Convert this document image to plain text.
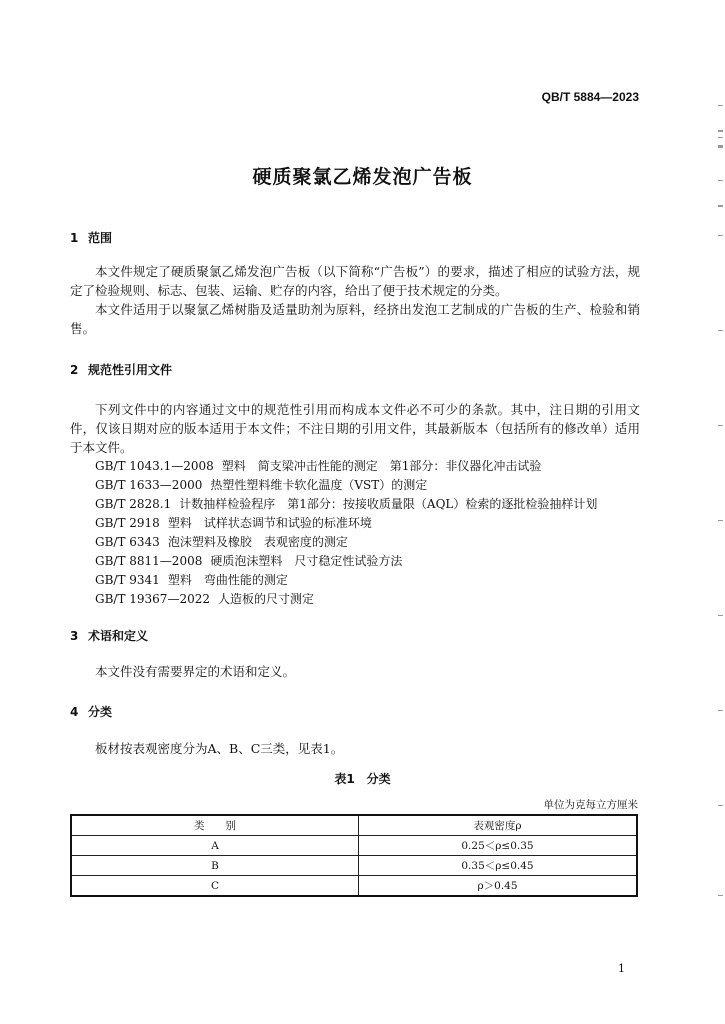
QB/T 5884—2023
硬质聚氯乙烯发泡广告板
1 范围
本文件规定了硬质聚氯乙烯发泡广告板（以下简称“广告板”）的要求，描述了相应的试验方法，规定了检验规则、标志、包装、运输、贮存的内容，给出了便于技术规定的分类。
本文件适用于以聚氯乙烯树脂及适量助剂为原料，经挤出发泡工艺制成的广告板的生产、检验和销售。
2 规范性引用文件
下列文件中的内容通过文中的规范性引用而构成本文件必不可少的条款。其中，注日期的引用文件，仅该日期对应的版本适用于本文件；不注日期的引用文件，其最新版本（包括所有的修改单）适用于本文件。
GB/T 1043.1—2008 塑料　简支梁冲击性能的测定　第1部分：非仪器化冲击试验
GB/T 1633—2000 热塑性塑料维卡软化温度（VST）的测定
GB/T 2828.1 计数抽样检验程序　第1部分：按接收质量限（AQL）检索的逐批检验抽样计划
GB/T 2918 塑料　试样状态调节和试验的标准环境
GB/T 6343 泡沫塑料及橡胶　表观密度的测定
GB/T 8811—2008 硬质泡沫塑料　尺寸稳定性试验方法
GB/T 9341 塑料　弯曲性能的测定
GB/T 19367—2022 人造板的尺寸测定
3 术语和定义
本文件没有需要界定的术语和定义。
4 分类
板材按表观密度分为A、B、C三类，见表1。
表1　分类
单位为克每立方厘米
类　　别	表观密度ρ
A	0.25＜ρ≤0.35
B	0.35＜ρ≤0.45
C	ρ＞0.45
1
